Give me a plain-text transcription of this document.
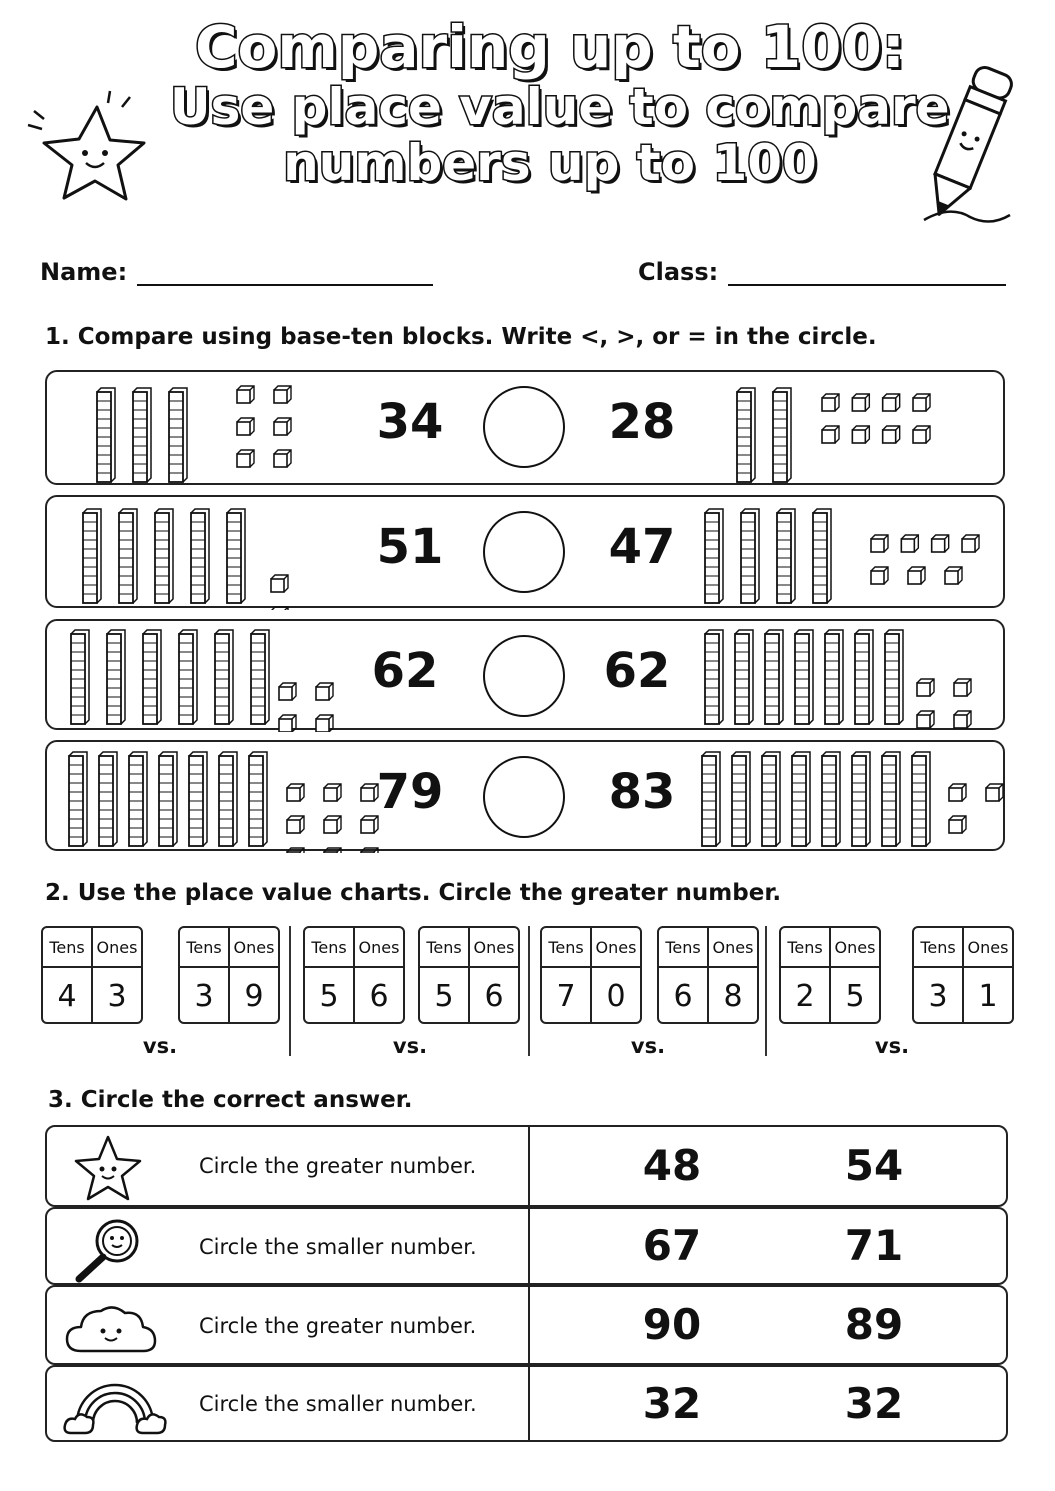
Comparing up to 100:
Use place value to compare
numbers up to 100
Name:	Class:
1. Compare using base-ten blocks. Write <, >, or = in the circle.
34	28
51	47
62	62
79	83
2. Use the place value charts. Circle the greater number.
Tens Ones
4	3
Tens Ones
3	9
vs.
Tens Ones
5	6
Tens Ones
5	6
vs.
Tens Ones
7	0
Tens Ones
6	8
vs.
Tens Ones
2	5
Tens Ones
3	1
vs.
3. Circle the correct answer.
Circle the greater number.	48	54
Circle the smaller number.	67	71
Circle the greater number.	90	89
Circle the smaller number.	32	32
